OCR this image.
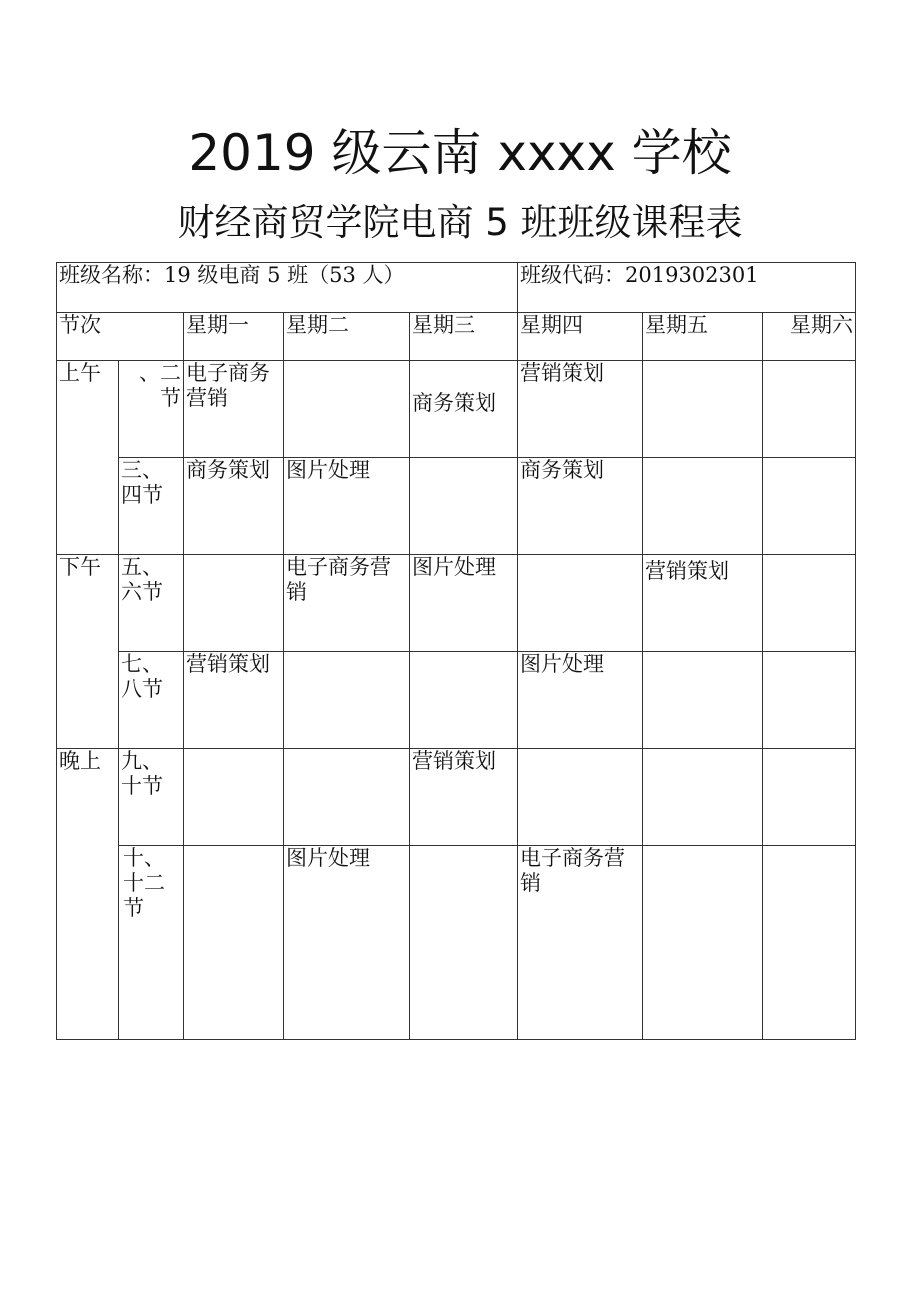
2019 级云南 xxxx 学校
财经商贸学院电商 5 班班级课程表
班级名称：19 级电商 5 班（53 人）					班级代码：2019302301		
节次		星期一	星期二	星期三	星期四	星期五	星期六
上午	、二节	电子商务营销		商务策划	营销策划		
	三、四节	商务策划	图片处理		商务策划		
下午	五、六节		电子商务营销	图片处理		营销策划	
	七、八节	营销策划			图片处理		
晚上	九、十节			营销策划			
	十、十二节		图片处理		电子商务营销		
